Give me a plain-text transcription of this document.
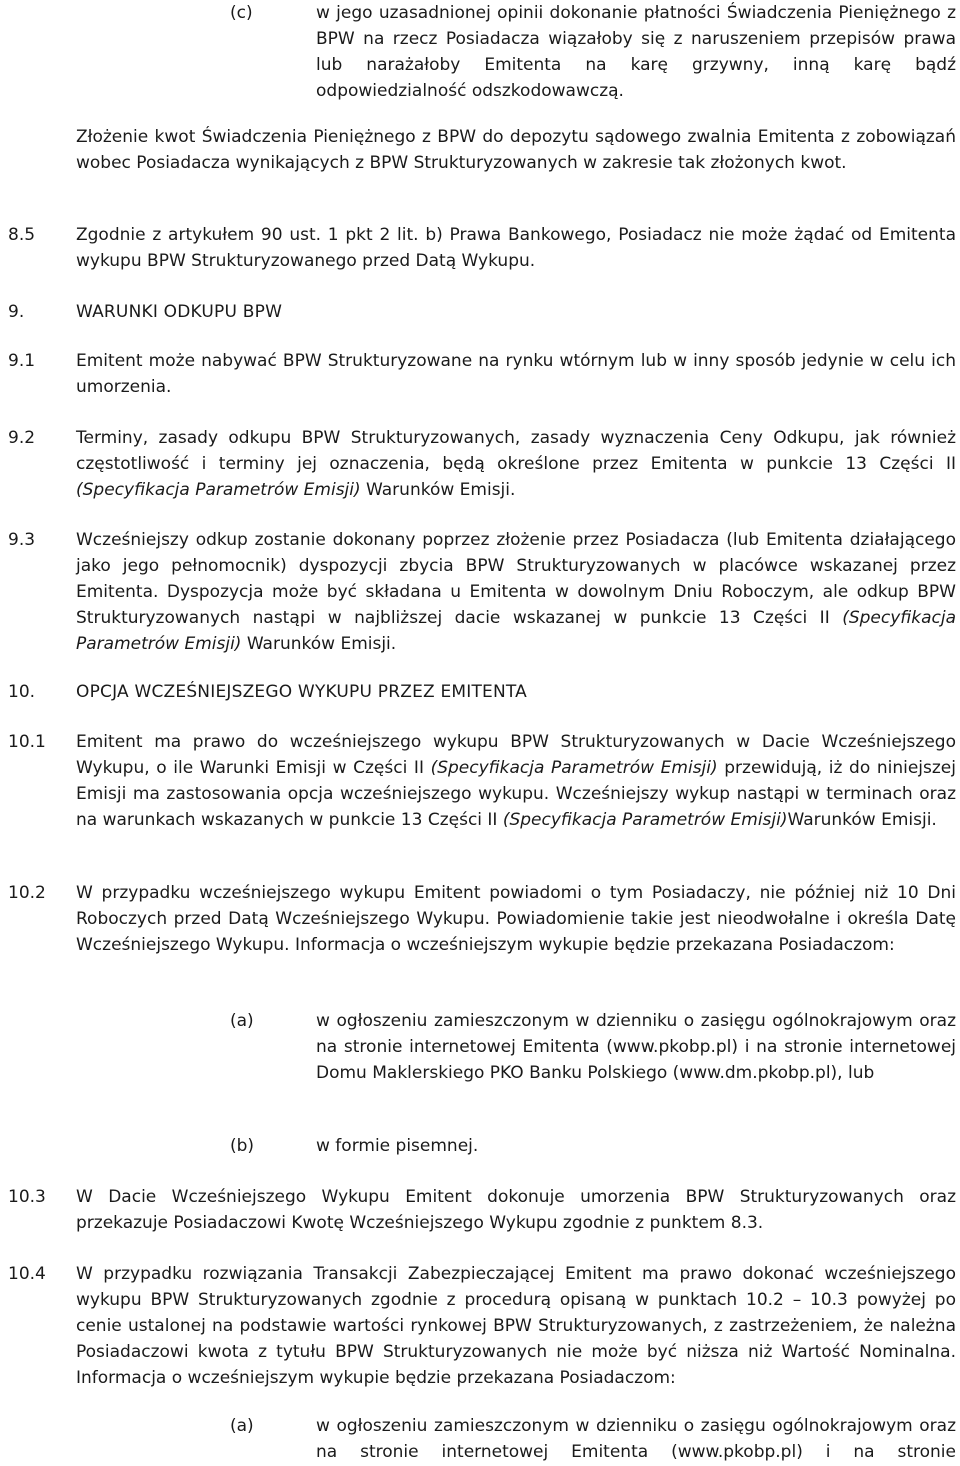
(c)	w jego uzasadnionej opinii dokonanie płatności Świadczenia Pieniężnego z BPW na rzecz Posiadacza wiązałoby się z naruszeniem przepisów prawa lub narażałoby Emitenta na karę grzywny, inną karę bądź odpowiedzialność odszkodowawczą.

Złożenie kwot Świadczenia Pieniężnego z BPW do depozytu sądowego zwalnia Emitenta z zobowiązań wobec Posiadacza wynikających z BPW Strukturyzowanych w zakresie tak złożonych kwot.

8.5 Zgodnie z artykułem 90 ust. 1 pkt 2 lit. b) Prawa Bankowego, Posiadacz nie może żądać od Emitenta wykupu BPW Strukturyzowanego przed Datą Wykupu.

9.	WARUNKI ODKUPU BPW

9.1 Emitent może nabywać BPW Strukturyzowane na rynku wtórnym lub w inny sposób jedynie w celu ich umorzenia.

9.2 Terminy, zasady odkupu BPW Strukturyzowanych, zasady wyznaczenia Ceny Odkupu, jak również częstotliwość i terminy jej oznaczenia, będą określone przez Emitenta w punkcie 13 Części II (Specyfikacja Parametrów Emisji) Warunków Emisji.

9.3 Wcześniejszy odkup zostanie dokonany poprzez złożenie przez Posiadacza (lub Emitenta działającego jako jego pełnomocnik) dyspozycji zbycia BPW Strukturyzowanych w placówce wskazanej przez Emitenta. Dyspozycja może być składana u Emitenta w dowolnym Dniu Roboczym, ale odkup BPW Strukturyzowanych nastąpi w najbliższej dacie wskazanej w punkcie 13 Części II (Specyfikacja Parametrów Emisji) Warunków Emisji.

10. OPCJA WCZEŚNIEJSZEGO WYKUPU PRZEZ EMITENTA

10.1 Emitent ma prawo do wcześniejszego wykupu BPW Strukturyzowanych w Dacie Wcześniejszego Wykupu, o ile Warunki Emisji w Części II (Specyfikacja Parametrów Emisji) przewidują, iż do niniejszej Emisji ma zastosowania opcja wcześniejszego wykupu. Wcześniejszy wykup nastąpi w terminach oraz na warunkach wskazanych w punkcie 13 Części II (Specyfikacja Parametrów Emisji)Warunków Emisji.

10.2 W przypadku wcześniejszego wykupu Emitent powiadomi o tym Posiadaczy, nie później niż 10 Dni Roboczych przed Datą Wcześniejszego Wykupu. Powiadomienie takie jest nieodwołalne i określa Datę Wcześniejszego Wykupu. Informacja o wcześniejszym wykupie będzie przekazana Posiadaczom:

(a)	w ogłoszeniu zamieszczonym w dzienniku o zasięgu ogólnokrajowym oraz na stronie internetowej Emitenta (www.pkobp.pl) i na stronie internetowej Domu Maklerskiego PKO Banku Polskiego (www.dm.pkobp.pl), lub

(b)	w formie pisemnej.

10.3 W Dacie Wcześniejszego Wykupu Emitent dokonuje umorzenia BPW Strukturyzowanych oraz przekazuje Posiadaczowi Kwotę Wcześniejszego Wykupu zgodnie z punktem 8.3.

10.4 W przypadku rozwiązania Transakcji Zabezpieczającej Emitent ma prawo dokonać wcześniejszego wykupu BPW Strukturyzowanych zgodnie z procedurą opisaną w punktach 10.2 – 10.3 powyżej po cenie ustalonej na podstawie wartości rynkowej BPW Strukturyzowanych, z zastrzeżeniem, że należna Posiadaczowi kwota z tytułu BPW Strukturyzowanych nie może być niższa niż Wartość Nominalna. Informacja o wcześniejszym wykupie będzie przekazana Posiadaczom:

(a)	w ogłoszeniu zamieszczonym w dzienniku o zasięgu ogólnokrajowym oraz na stronie internetowej Emitenta (www.pkobp.pl) i na stronie
